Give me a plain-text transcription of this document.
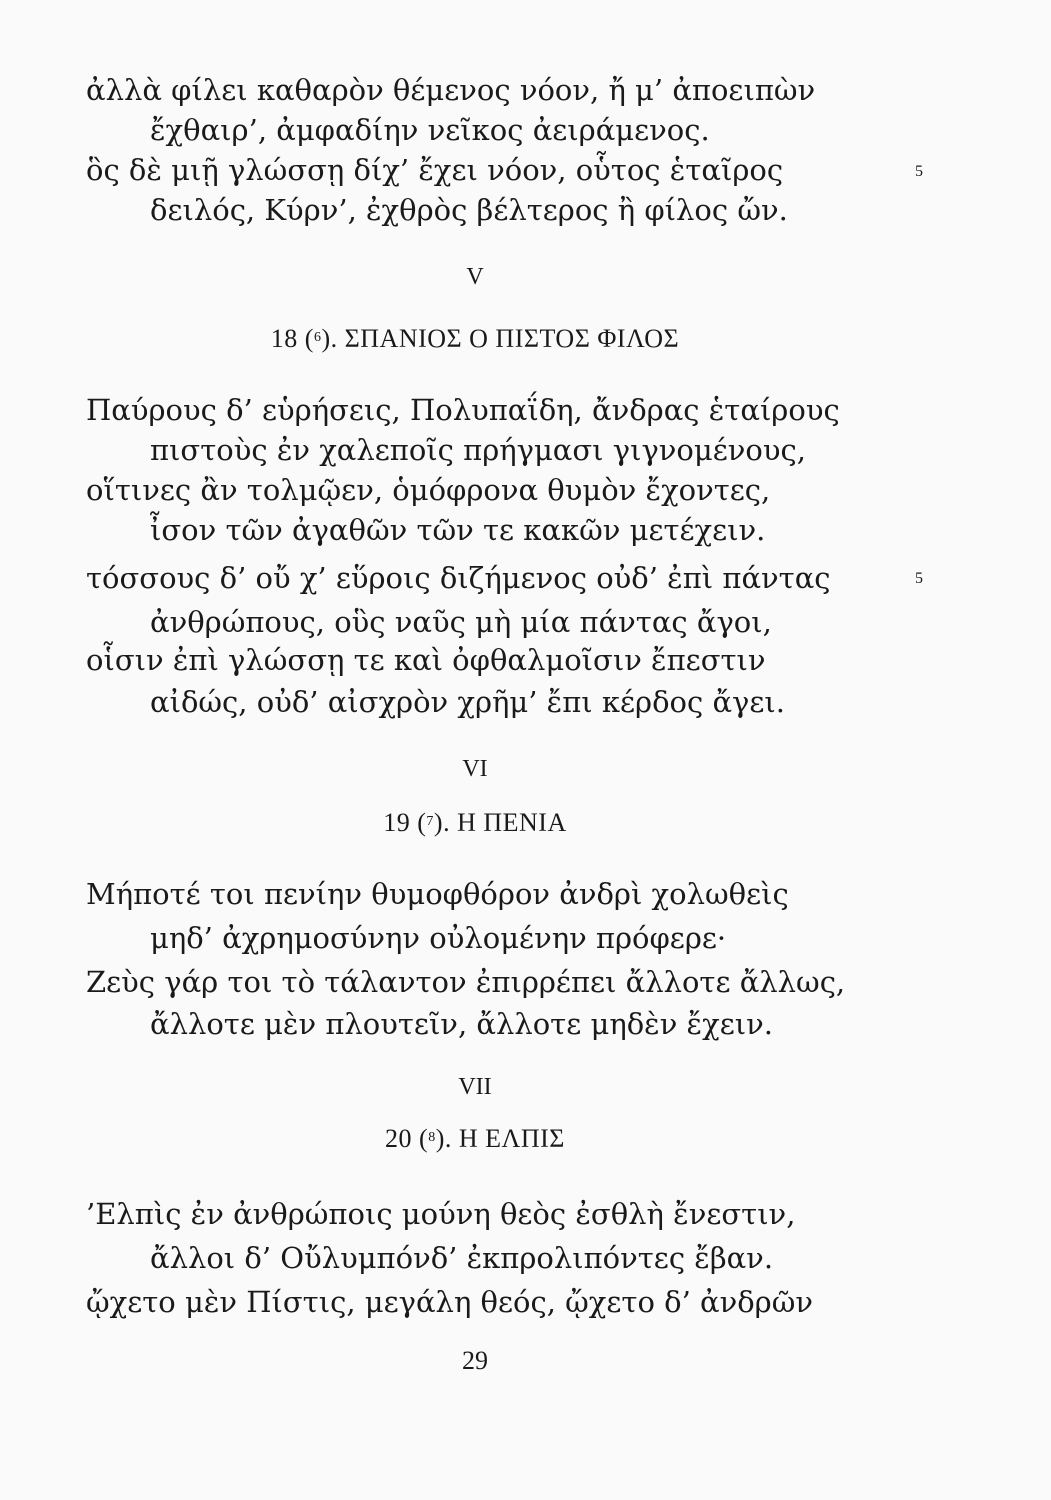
ἀλλὰ φίλει καθαρὸν θέμενος νόον, ἤ μ’ ἀποειπὼν
ἔχθαιρ’, ἀμφαδίην νεῖκος ἀειράμενος.
ὃς δὲ μιῇ γλώσσῃ δίχ’ ἔχει νόον, οὗτος ἑταῖρος	5
δειλός, Κύρν’, ἐχθρὸς βέλτερος ἢ φίλος ὤν.
V
18 ($^6$). ΣΠΑΝΙΟΣ Ο ΠΙΣΤΟΣ ΦΙΛΟΣ
Παύρους δ’ εὑρήσεις, Πολυπαΐδη, ἄνδρας ἑταίρους
πιστοὺς ἐν χαλεποῖς πρήγμασι γιγνομένους,
οἵτινες ἂν τολμῷεν, ὁμόφρονα θυμὸν ἔχοντες,
ἶσον τῶν ἀγαθῶν τῶν τε κακῶν μετέχειν.
τόσσους δ’ οὔ χ’ εὕροις διζήμενος οὐδ’ ἐπὶ πάντας	5
ἀνθρώπους, οὓς ναῦς μὴ μία πάντας ἄγοι,
οἷσιν ἐπὶ γλώσσῃ τε καὶ ὀφθαλμοῖσιν ἔπεστιν
αἰδώς, οὐδ’ αἰσχρὸν χρῆμ’ ἔπι κέρδος ἄγει.
VI
19 ($^7$). Η ΠΕΝΙΑ
Μήποτέ τοι πενίην θυμοφθόρον ἀνδρὶ χολωθεὶς
μηδ’ ἀχρημοσύνην οὐλομένην πρόφερε·
Ζεὺς γάρ τοι τὸ τάλαντον ἐπιρρέπει ἄλλοτε ἄλλως,
ἄλλοτε μὲν πλουτεῖν, ἄλλοτε μηδὲν ἔχειν.
VII
20 ($^8$). Η ΕΛΠΙΣ
’Ελπὶς ἐν ἀνθρώποις μούνη θεὸς ἐσθλὴ ἔνεστιν,
ἄλλοι δ’ Οὔλυμπόνδ’ ἐκπρολιπόντες ἔβαν.
ᾤχετο μὲν Πίστις, μεγάλη θεός, ᾤχετο δ’ ἀνδρῶν
29
